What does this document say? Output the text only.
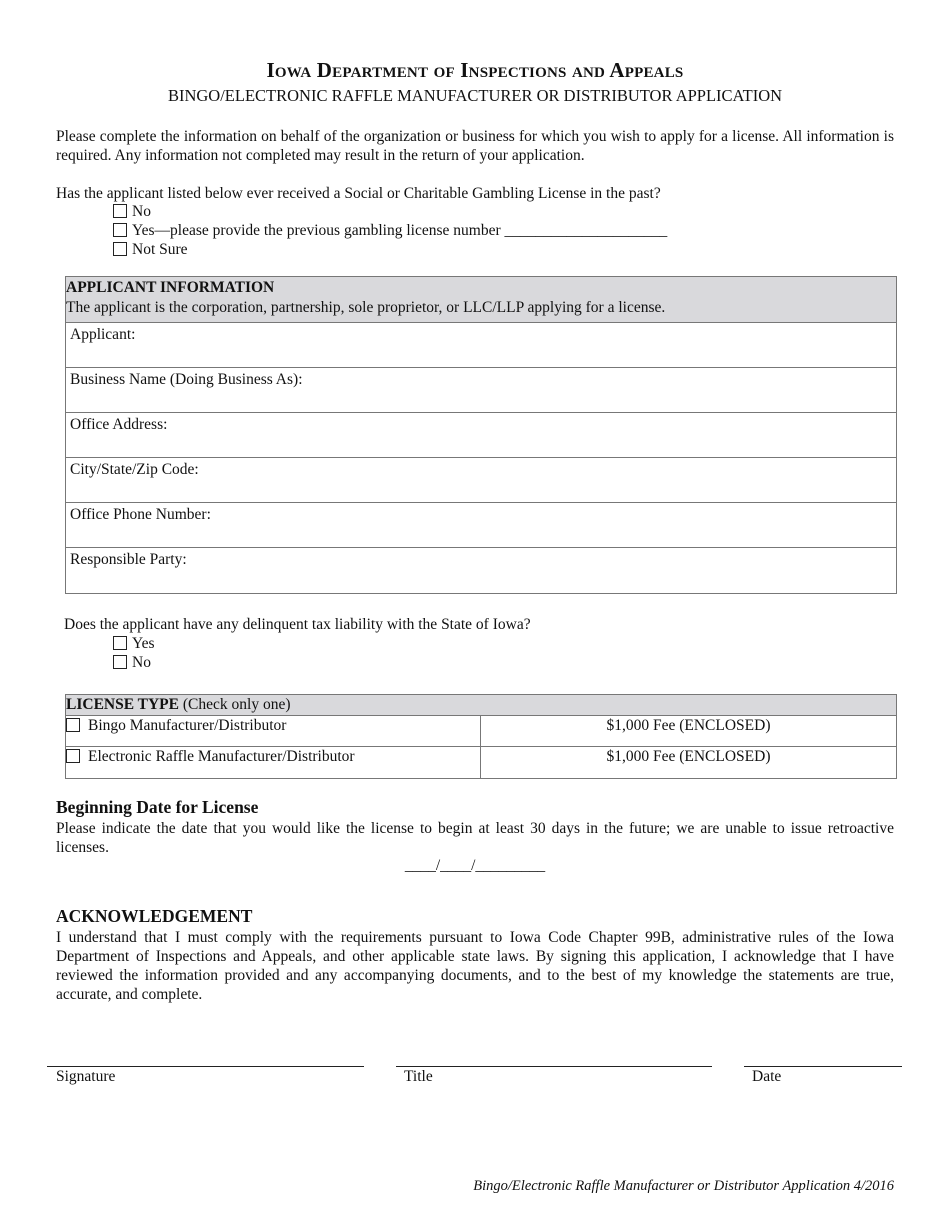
Iowa Department of Inspections and Appeals
BINGO/ELECTRONIC RAFFLE MANUFACTURER OR DISTRIBUTOR APPLICATION
Please complete the information on behalf of the organization or business for which you wish to apply for a license. All information is required. Any information not completed may result in the return of your application.
Has the applicant listed below ever received a Social or Charitable Gambling License in the past?
No
Yes—please provide the previous gambling license number _____________________
Not Sure
APPLICANT INFORMATION
The applicant is the corporation, partnership, sole proprietor, or LLC/LLP applying for a license.
Applicant:
Business Name (Doing Business As):
Office Address:
City/State/Zip Code:
Office Phone Number:
Responsible Party:
Does the applicant have any delinquent tax liability with the State of Iowa?
Yes
No
LICENSE TYPE (Check only one)
Bingo Manufacturer/Distributor	$1,000 Fee (ENCLOSED)
Electronic Raffle Manufacturer/Distributor	$1,000 Fee (ENCLOSED)
Beginning Date for License
Please indicate the date that you would like the license to begin at least 30 days in the future; we are unable to issue retroactive licenses.
____/____/_________
ACKNOWLEDGEMENT
I understand that I must comply with the requirements pursuant to Iowa Code Chapter 99B, administrative rules of the Iowa Department of Inspections and Appeals, and other applicable state laws. By signing this application, I acknowledge that I have reviewed the information provided and any accompanying documents, and to the best of my knowledge the statements are true, accurate, and complete.
Signature	Title	Date
Bingo/Electronic Raffle Manufacturer or Distributor Application 4/2016
